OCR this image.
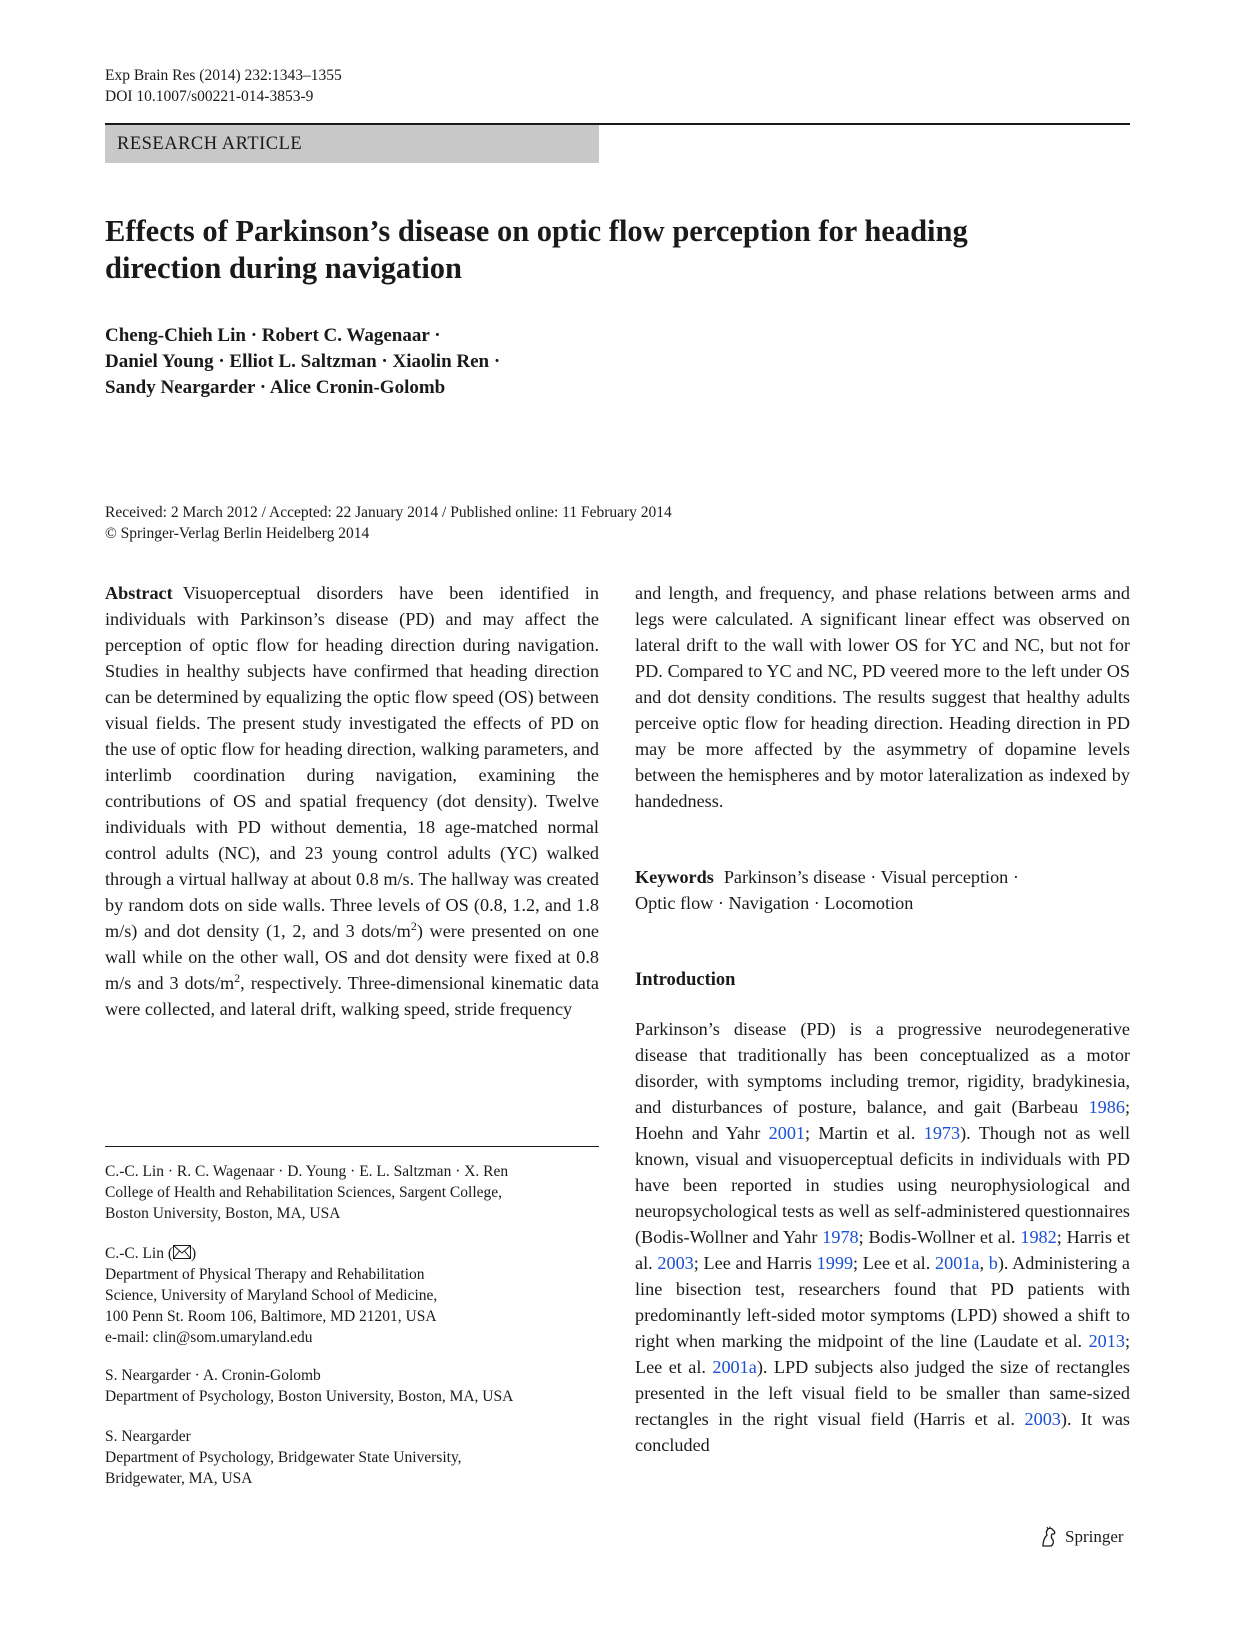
Exp Brain Res (2014) 232:1343–1355
DOI 10.1007/s00221-014-3853-9
RESEARCH ARTICLE
Effects of Parkinson’s disease on optic flow perception for heading
direction during navigation
Cheng-Chieh Lin · Robert C. Wagenaar ·
Daniel Young · Elliot L. Saltzman · Xiaolin Ren ·
Sandy Neargarder · Alice Cronin-Golomb
Received: 2 March 2012 / Accepted: 22 January 2014 / Published online: 11 February 2014
© Springer-Verlag Berlin Heidelberg 2014

Abstract Visuoperceptual disorders have been identified in individuals with Parkinson’s disease (PD) and may affect the perception of optic flow for heading direction during navigation. Studies in healthy subjects have confirmed that heading direction can be determined by equalizing the optic flow speed (OS) between visual fields. The present study investigated the effects of PD on the use of optic flow for heading direction, walking parameters, and interlimb coordination during navigation, examining the contributions of OS and spatial frequency (dot density). Twelve individuals with PD without dementia, 18 age-matched normal control adults (NC), and 23 young control adults (YC) walked through a virtual hallway at about 0.8 m/s. The hallway was created by random dots on side walls. Three levels of OS (0.8, 1.2, and 1.8 m/s) and dot density (1, 2, and 3 dots/$m^2$) were presented on one wall while on the other wall, OS and dot density were fixed at 0.8 m/s and 3 dots/$m^2$, respectively. Three-dimensional kinematic data were collected, and lateral drift, walking speed, stride frequency

and length, and frequency, and phase relations between arms and legs were calculated. A significant linear effect was observed on lateral drift to the wall with lower OS for YC and NC, but not for PD. Compared to YC and NC, PD veered more to the left under OS and dot density conditions. The results suggest that healthy adults perceive optic flow for heading direction. Heading direction in PD may be more affected by the asymmetry of dopamine levels between the hemispheres and by motor lateralization as indexed by handedness.

Keywords Parkinson’s disease · Visual perception ·
Optic flow · Navigation · Locomotion
Introduction

Parkinson’s disease (PD) is a progressive neurodegenerative disease that traditionally has been conceptualized as a motor disorder, with symptoms including tremor, rigidity, bradykinesia, and disturbances of posture, balance, and gait (Barbeau 1986; Hoehn and Yahr 2001; Martin et al. 1973). Though not as well known, visual and visuoperceptual deficits in individuals with PD have been reported in studies using neurophysiological and neuropsychological tests as well as self-administered questionnaires (Bodis-Wollner and Yahr 1978; Bodis-Wollner et al. 1982; Harris et al. 2003; Lee and Harris 1999; Lee et al. 2001a, b). Administering a line bisection test, researchers found that PD patients with predominantly left-sided motor symptoms (LPD) showed a shift to right when marking the midpoint of the line (Laudate et al. 2013; Lee et al. 2001a). LPD subjects also judged the size of rectangles presented in the left visual field to be smaller than same-sized rectangles in the right visual field (Harris et al. 2003). It was concluded

C.-C. Lin · R. C. Wagenaar · D. Young · E. L. Saltzman · X. Ren
College of Health and Rehabilitation Sciences, Sargent College,
Boston University, Boston, MA, USA
C.-C. Lin ( )
Department of Physical Therapy and Rehabilitation
Science, University of Maryland School of Medicine,
100 Penn St. Room 106, Baltimore, MD 21201, USA
e-mail: clin@som.umaryland.edu
S. Neargarder · A. Cronin-Golomb
Department of Psychology, Boston University, Boston, MA, USA
S. Neargarder
Department of Psychology, Bridgewater State University,
Bridgewater, MA, USA
Springer
